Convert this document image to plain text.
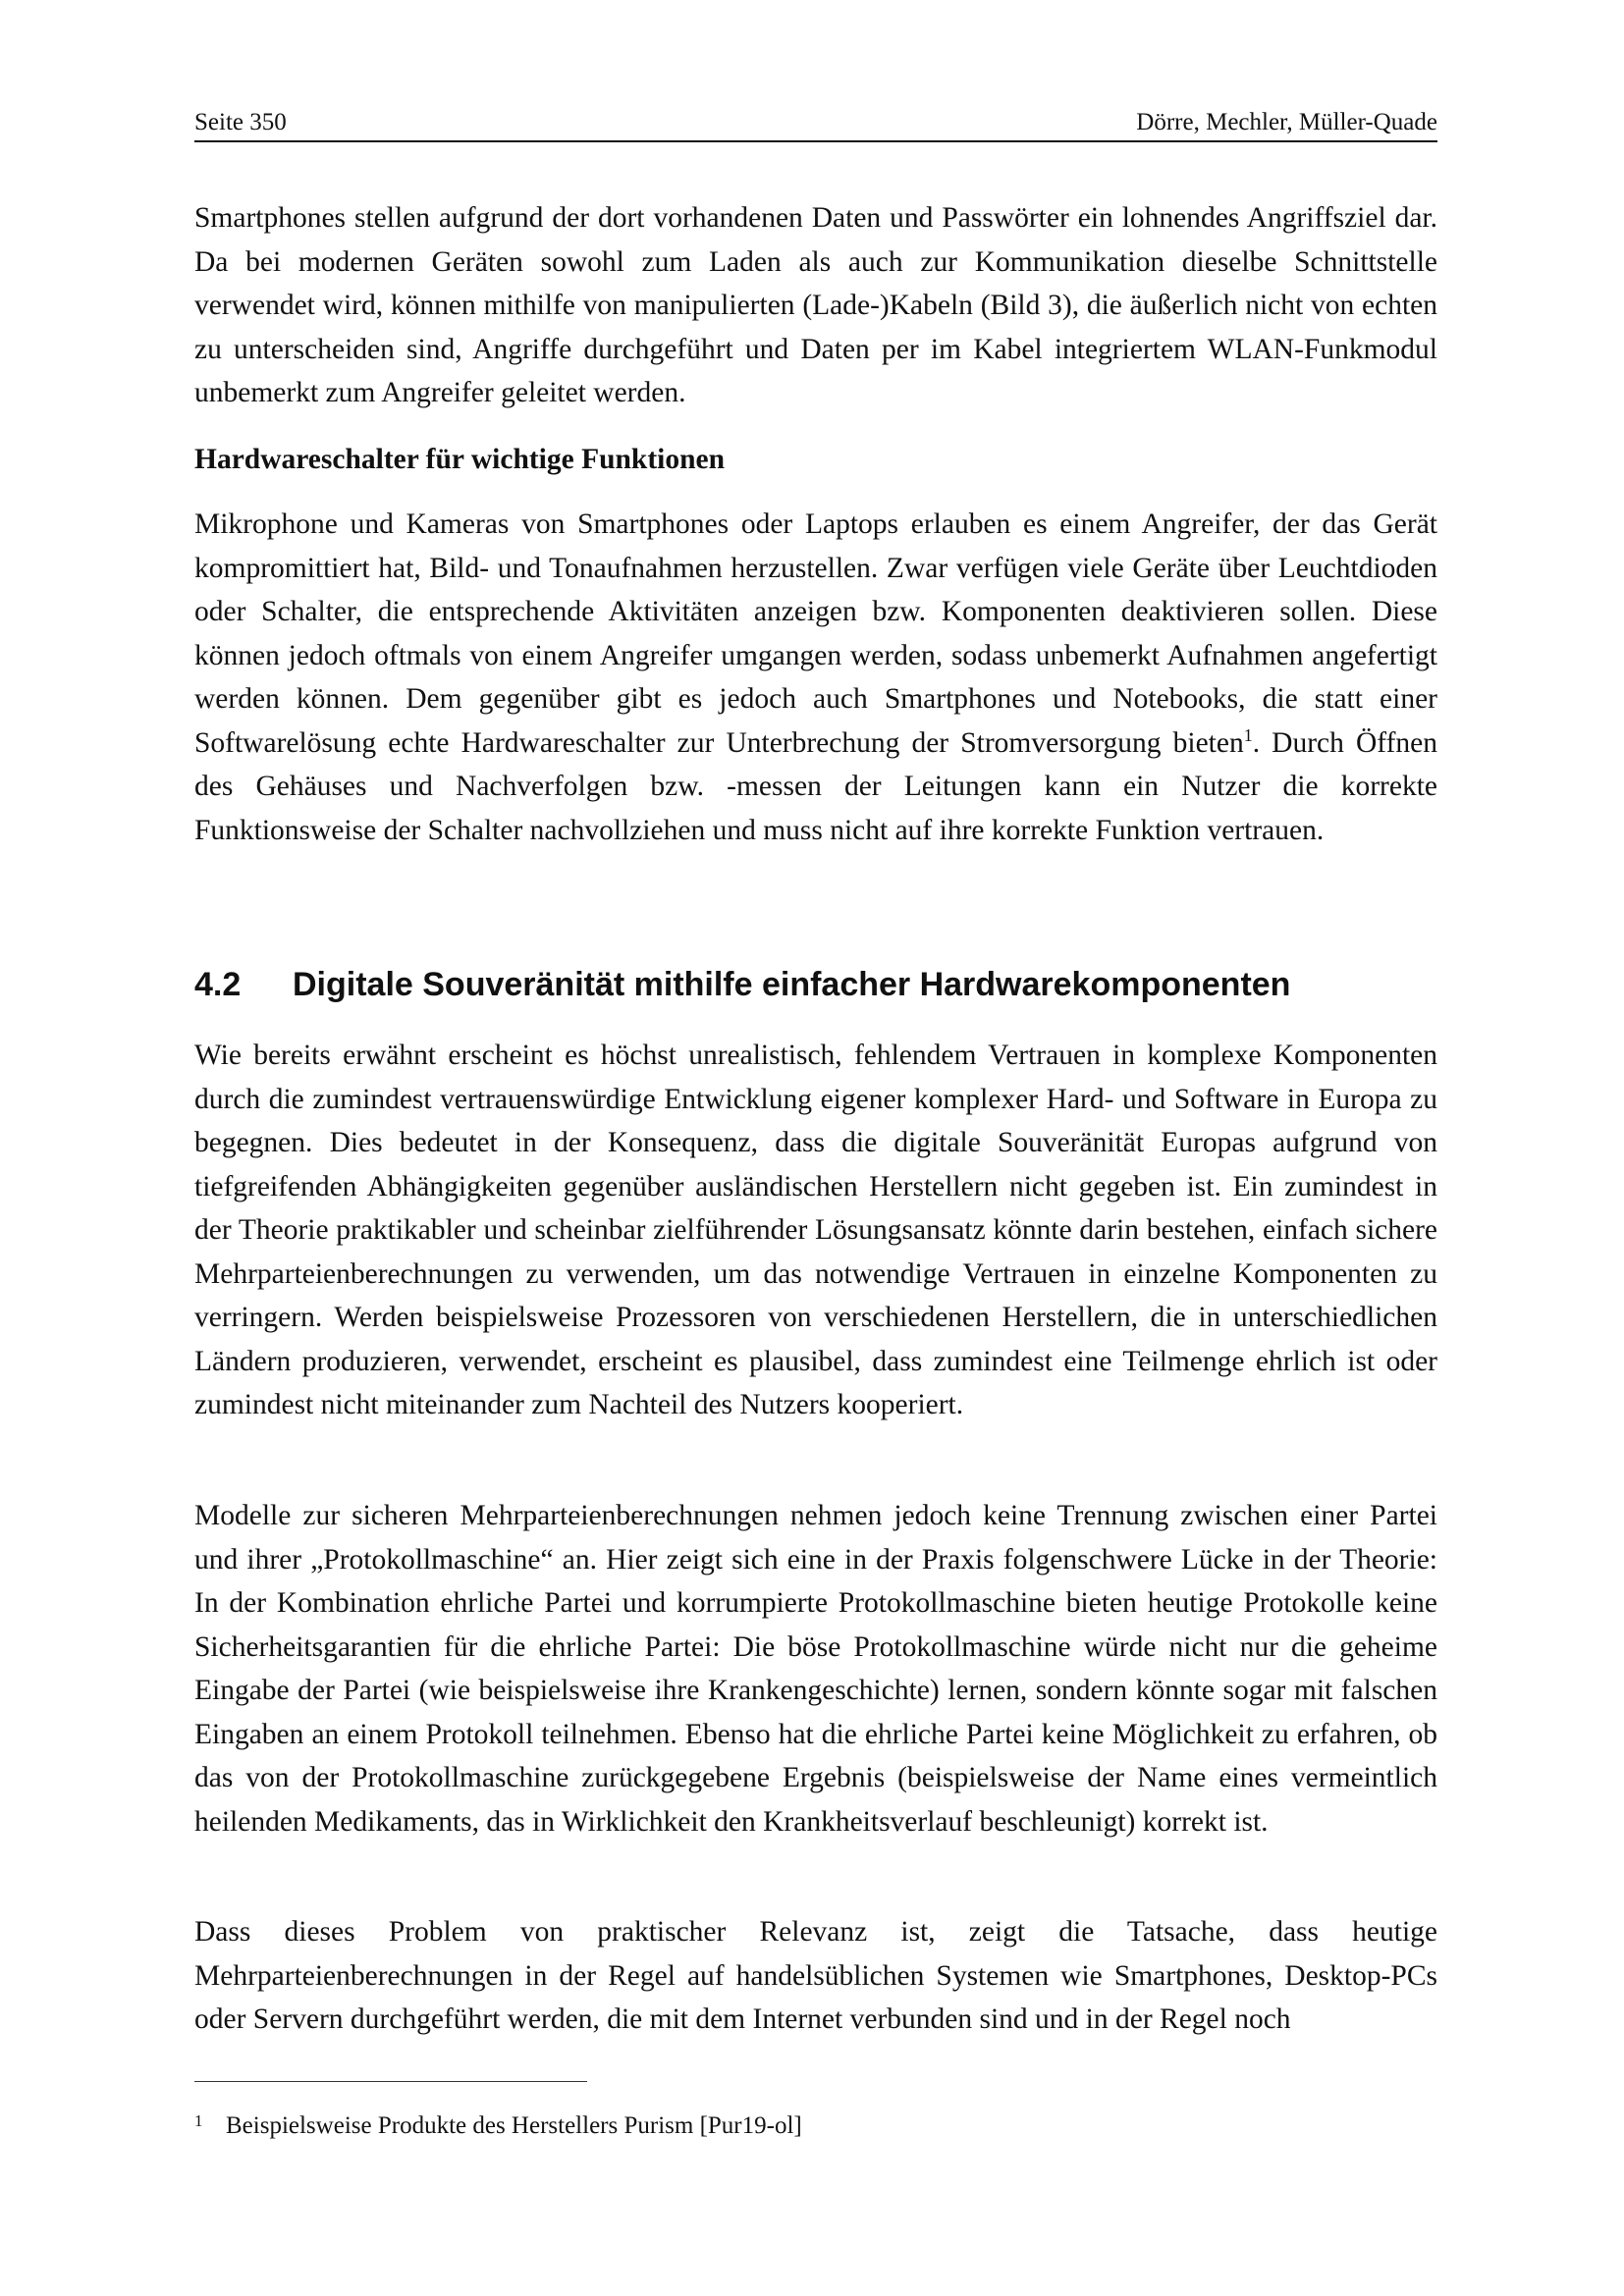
Seite 350	Dörre, Mechler, Müller-Quade

Smartphones stellen aufgrund der dort vorhandenen Daten und Passwörter ein lohnendes Angriffsziel dar. Da bei modernen Geräten sowohl zum Laden als auch zur Kommunikation dieselbe Schnittstelle verwendet wird, können mithilfe von manipulierten (Lade-)Kabeln (Bild 3), die äußerlich nicht von echten zu unterscheiden sind, Angriffe durchgeführt und Daten per im Kabel integriertem WLAN-Funkmodul unbemerkt zum Angreifer geleitet werden.

Hardwareschalter für wichtige Funktionen

Mikrophone und Kameras von Smartphones oder Laptops erlauben es einem Angreifer, der das Gerät kompromittiert hat, Bild- und Tonaufnahmen herzustellen. Zwar verfügen viele Geräte über Leuchtdioden oder Schalter, die entsprechende Aktivitäten anzeigen bzw. Komponenten deaktivieren sollen. Diese können jedoch oftmals von einem Angreifer umgangen werden, sodass unbemerkt Aufnahmen angefertigt werden können. Dem gegenüber gibt es jedoch auch Smartphones und Notebooks, die statt einer Softwarelösung echte Hardwareschalter zur Unterbrechung der Stromversorgung bieten$^1$. Durch Öffnen des Gehäuses und Nachverfolgen bzw. -messen der Leitungen kann ein Nutzer die korrekte Funktionsweise der Schalter nachvollziehen und muss nicht auf ihre korrekte Funktion vertrauen.

4.2	Digitale Souveränität mithilfe einfacher Hardwarekomponenten

Wie bereits erwähnt erscheint es höchst unrealistisch, fehlendem Vertrauen in komplexe Komponenten durch die zumindest vertrauenswürdige Entwicklung eigener komplexer Hard- und Software in Europa zu begegnen. Dies bedeutet in der Konsequenz, dass die digitale Souveränität Europas aufgrund von tiefgreifenden Abhängigkeiten gegenüber ausländischen Herstellern nicht gegeben ist. Ein zumindest in der Theorie praktikabler und scheinbar zielführender Lösungsansatz könnte darin bestehen, einfach sichere Mehrparteienberechnungen zu verwenden, um das notwendige Vertrauen in einzelne Komponenten zu verringern. Werden beispielsweise Prozessoren von verschiedenen Herstellern, die in unterschiedlichen Ländern produzieren, verwendet, erscheint es plausibel, dass zumindest eine Teilmenge ehrlich ist oder zumindest nicht miteinander zum Nachteil des Nutzers kooperiert.

Modelle zur sicheren Mehrparteienberechnungen nehmen jedoch keine Trennung zwischen einer Partei und ihrer „Protokollmaschine“ an. Hier zeigt sich eine in der Praxis folgenschwere Lücke in der Theorie: In der Kombination ehrliche Partei und korrumpierte Protokollmaschine bieten heutige Protokolle keine Sicherheitsgarantien für die ehrliche Partei: Die böse Protokollmaschine würde nicht nur die geheime Eingabe der Partei (wie beispielsweise ihre Krankengeschichte) lernen, sondern könnte sogar mit falschen Eingaben an einem Protokoll teilnehmen. Ebenso hat die ehrliche Partei keine Möglichkeit zu erfahren, ob das von der Protokollmaschine zurückgegebene Ergebnis (beispielsweise der Name eines vermeintlich heilenden Medikaments, das in Wirklichkeit den Krankheitsverlauf beschleunigt) korrekt ist.

Dass dieses Problem von praktischer Relevanz ist, zeigt die Tatsache, dass heutige Mehrparteienberechnungen in der Regel auf handelsüblichen Systemen wie Smartphones, Desktop-PCs oder Servern durchgeführt werden, die mit dem Internet verbunden sind und in der Regel noch

1 Beispielsweise Produkte des Herstellers Purism [Pur19-ol]
